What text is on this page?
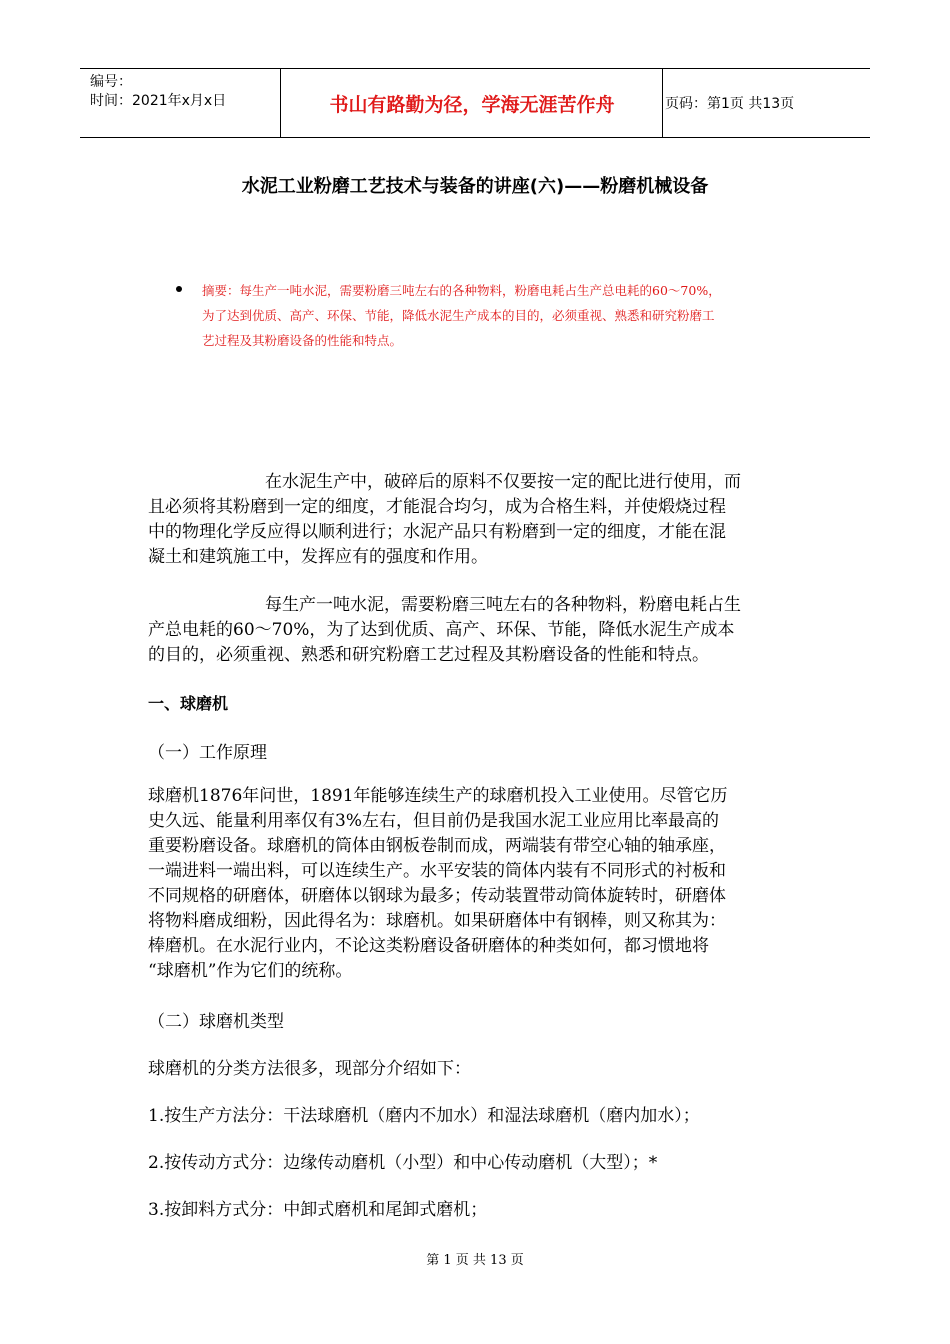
编号：
时间：2021年x月x日	书山有路勤为径，学海无涯苦作舟	页码：第1页 共13页
水泥工业粉磨工艺技术与装备的讲座(六)——粉磨机械设备
摘要：每生产一吨水泥，需要粉磨三吨左右的各种物料，粉磨电耗占生产总电耗的60～70%，
为了达到优质、高产、环保、节能，降低水泥生产成本的目的，必须重视、熟悉和研究粉磨工
艺过程及其粉磨设备的性能和特点。
在水泥生产中，破碎后的原料不仅要按一定的配比进行使用，而
且必须将其粉磨到一定的细度，才能混合均匀，成为合格生料，并使煅烧过程
中的物理化学反应得以顺利进行；水泥产品只有粉磨到一定的细度，才能在混
凝土和建筑施工中，发挥应有的强度和作用。
每生产一吨水泥，需要粉磨三吨左右的各种物料，粉磨电耗占生
产总电耗的60～70%，为了达到优质、高产、环保、节能，降低水泥生产成本
的目的，必须重视、熟悉和研究粉磨工艺过程及其粉磨设备的性能和特点。
一、球磨机
（一）工作原理
球磨机1876年问世，1891年能够连续生产的球磨机投入工业使用。尽管它历
史久远、能量利用率仅有3%左右，但目前仍是我国水泥工业应用比率最高的
重要粉磨设备。球磨机的筒体由钢板卷制而成，两端装有带空心轴的轴承座，
一端进料一端出料，可以连续生产。水平安装的筒体内装有不同形式的衬板和
不同规格的研磨体，研磨体以钢球为最多；传动装置带动筒体旋转时，研磨体
将物料磨成细粉，因此得名为：球磨机。如果研磨体中有钢棒，则又称其为：
棒磨机。在水泥行业内，不论这类粉磨设备研磨体的种类如何，都习惯地将
“球磨机”作为它们的统称。
（二）球磨机类型
球磨机的分类方法很多，现部分介绍如下：
1.按生产方法分：干法球磨机（磨内不加水）和湿法球磨机（磨内加水）；
2.按传动方式分：边缘传动磨机（小型）和中心传动磨机（大型）；*
3.按卸料方式分：中卸式磨机和尾卸式磨机；
第 1 页 共 13 页
